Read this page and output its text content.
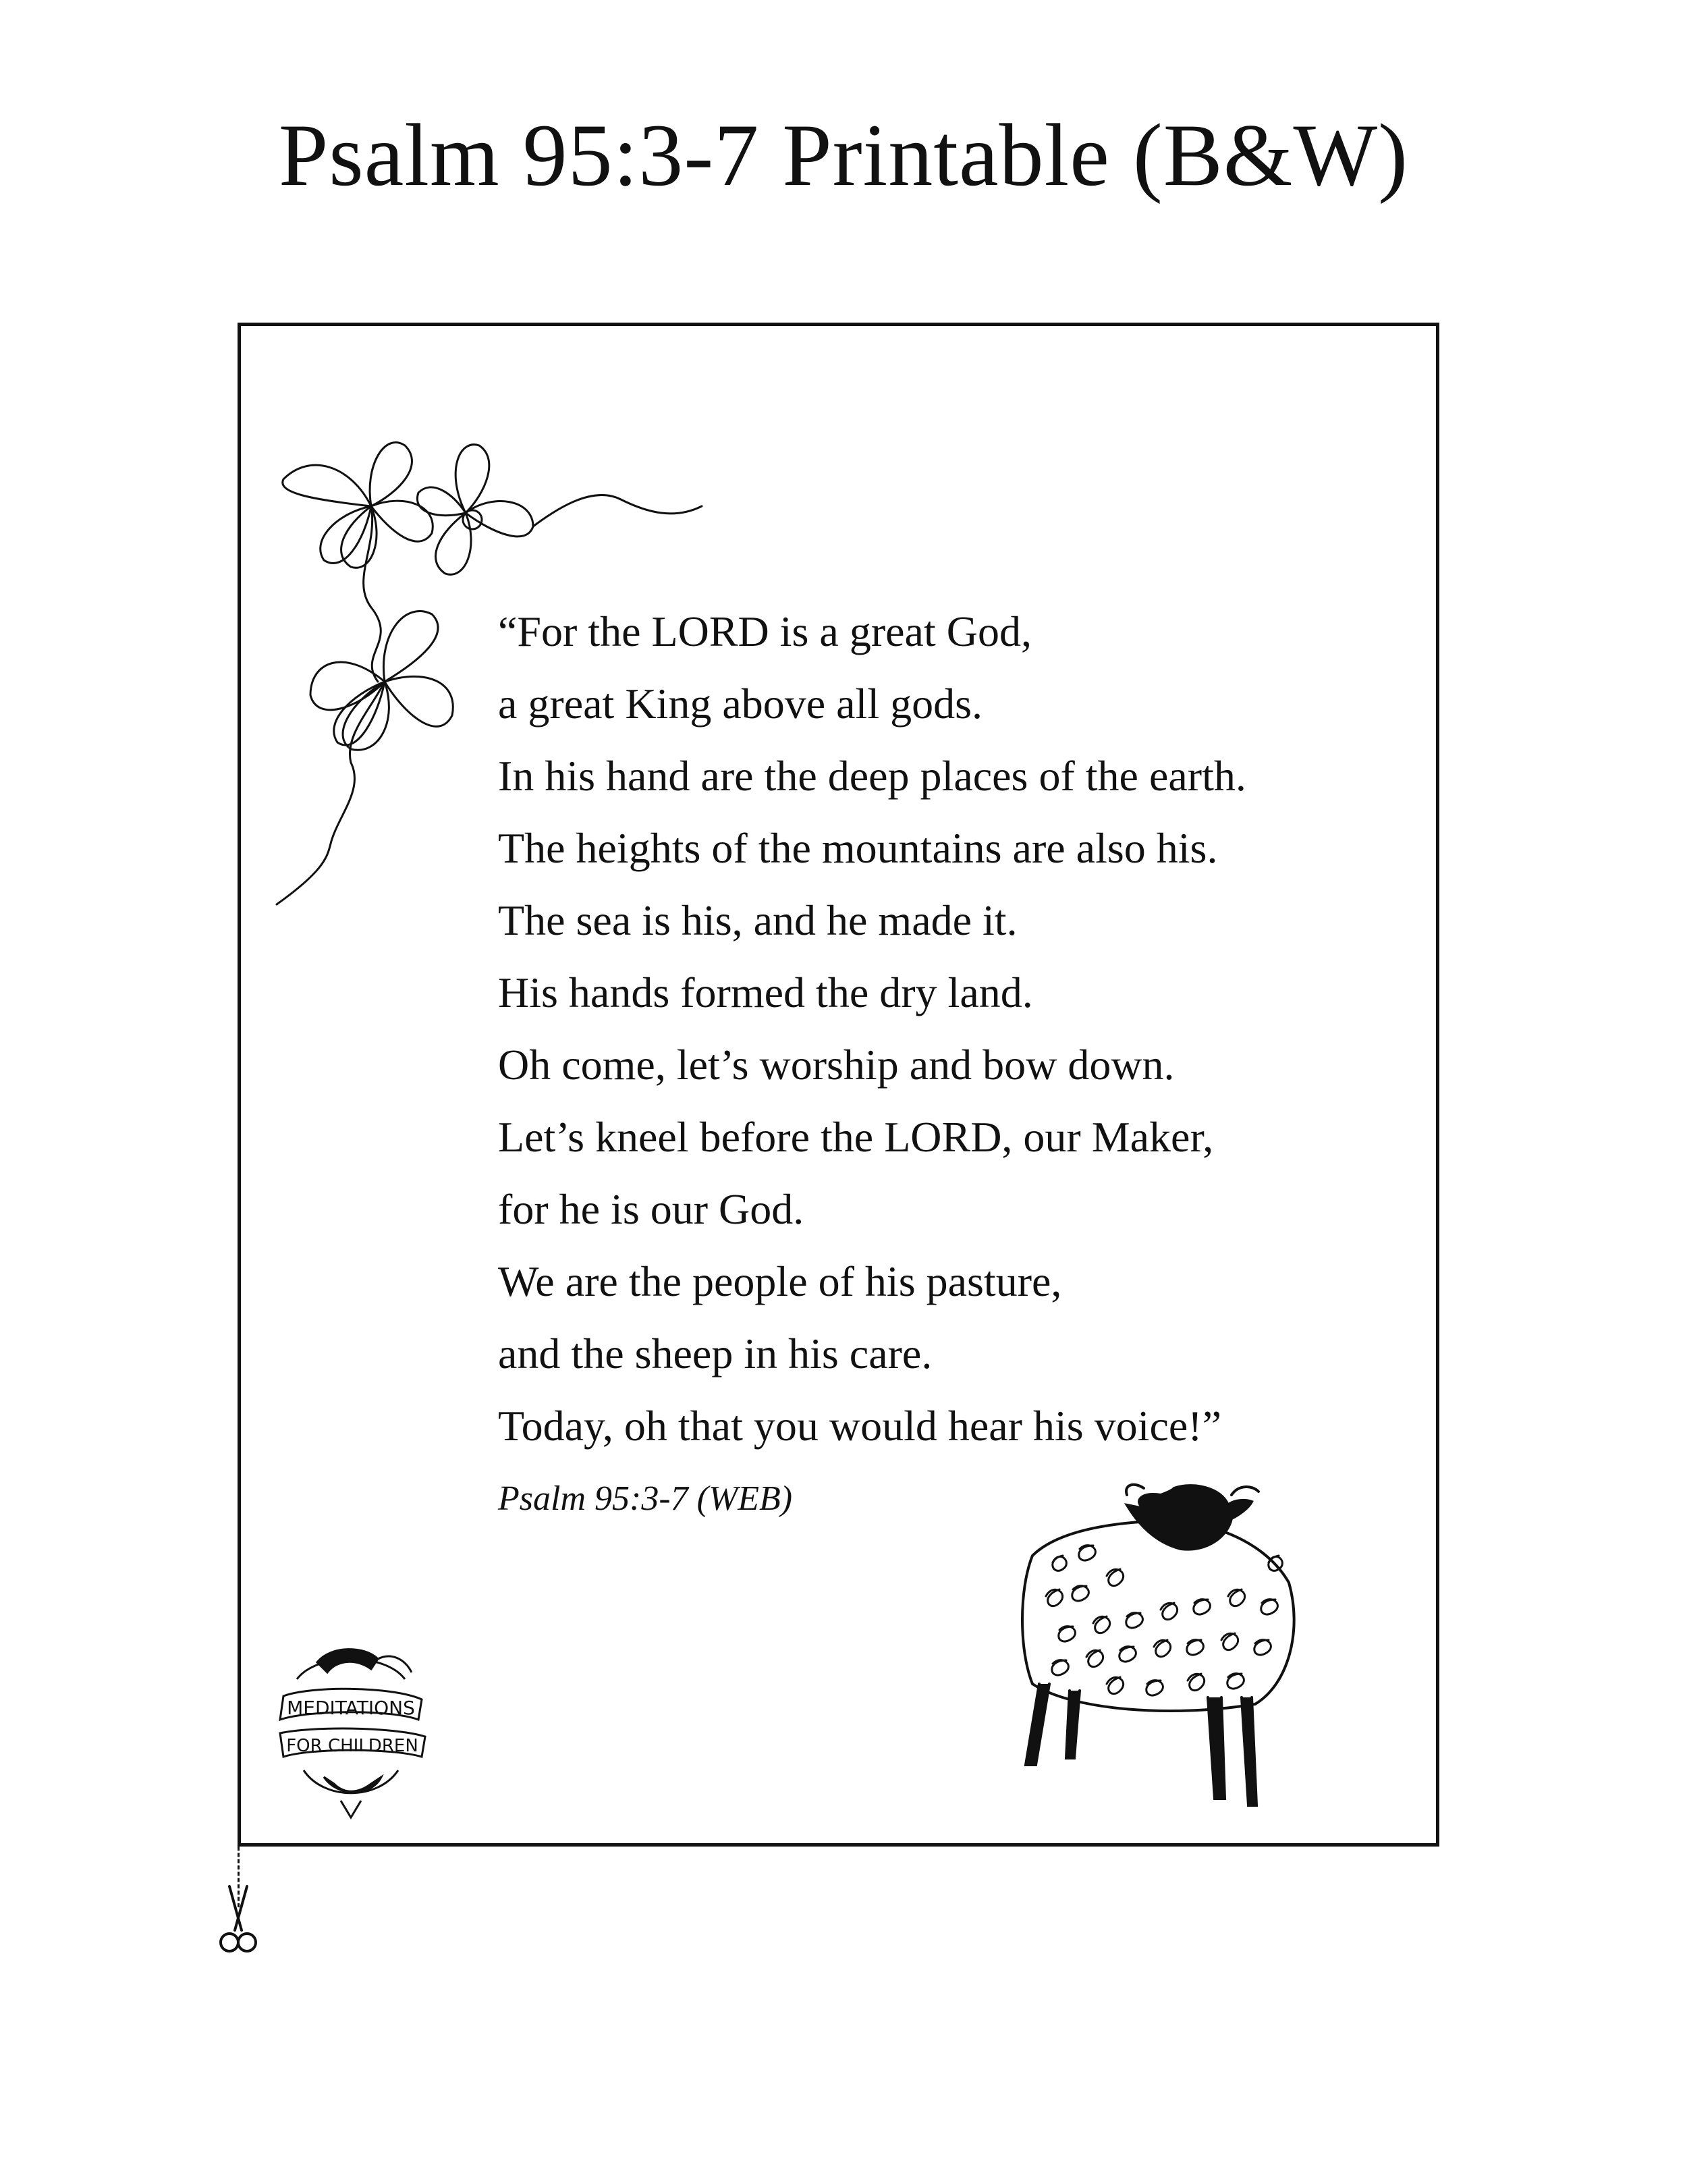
Psalm 95:3-7 Printable (B&W)
“For the LORD is a great God,
a great King above all gods.
In his hand are the deep places of the earth.
The heights of the mountains are also his.
The sea is his, and he made it.
His hands formed the dry land.
Oh come, let’s worship and bow down.
Let’s kneel before the LORD, our Maker,
for he is our God.
We are the people of his pasture,
and the sheep in his care.
Today, oh that you would hear his voice!”
Psalm 95:3-7 (WEB)
MEDITATIONS
FOR CHILDREN
